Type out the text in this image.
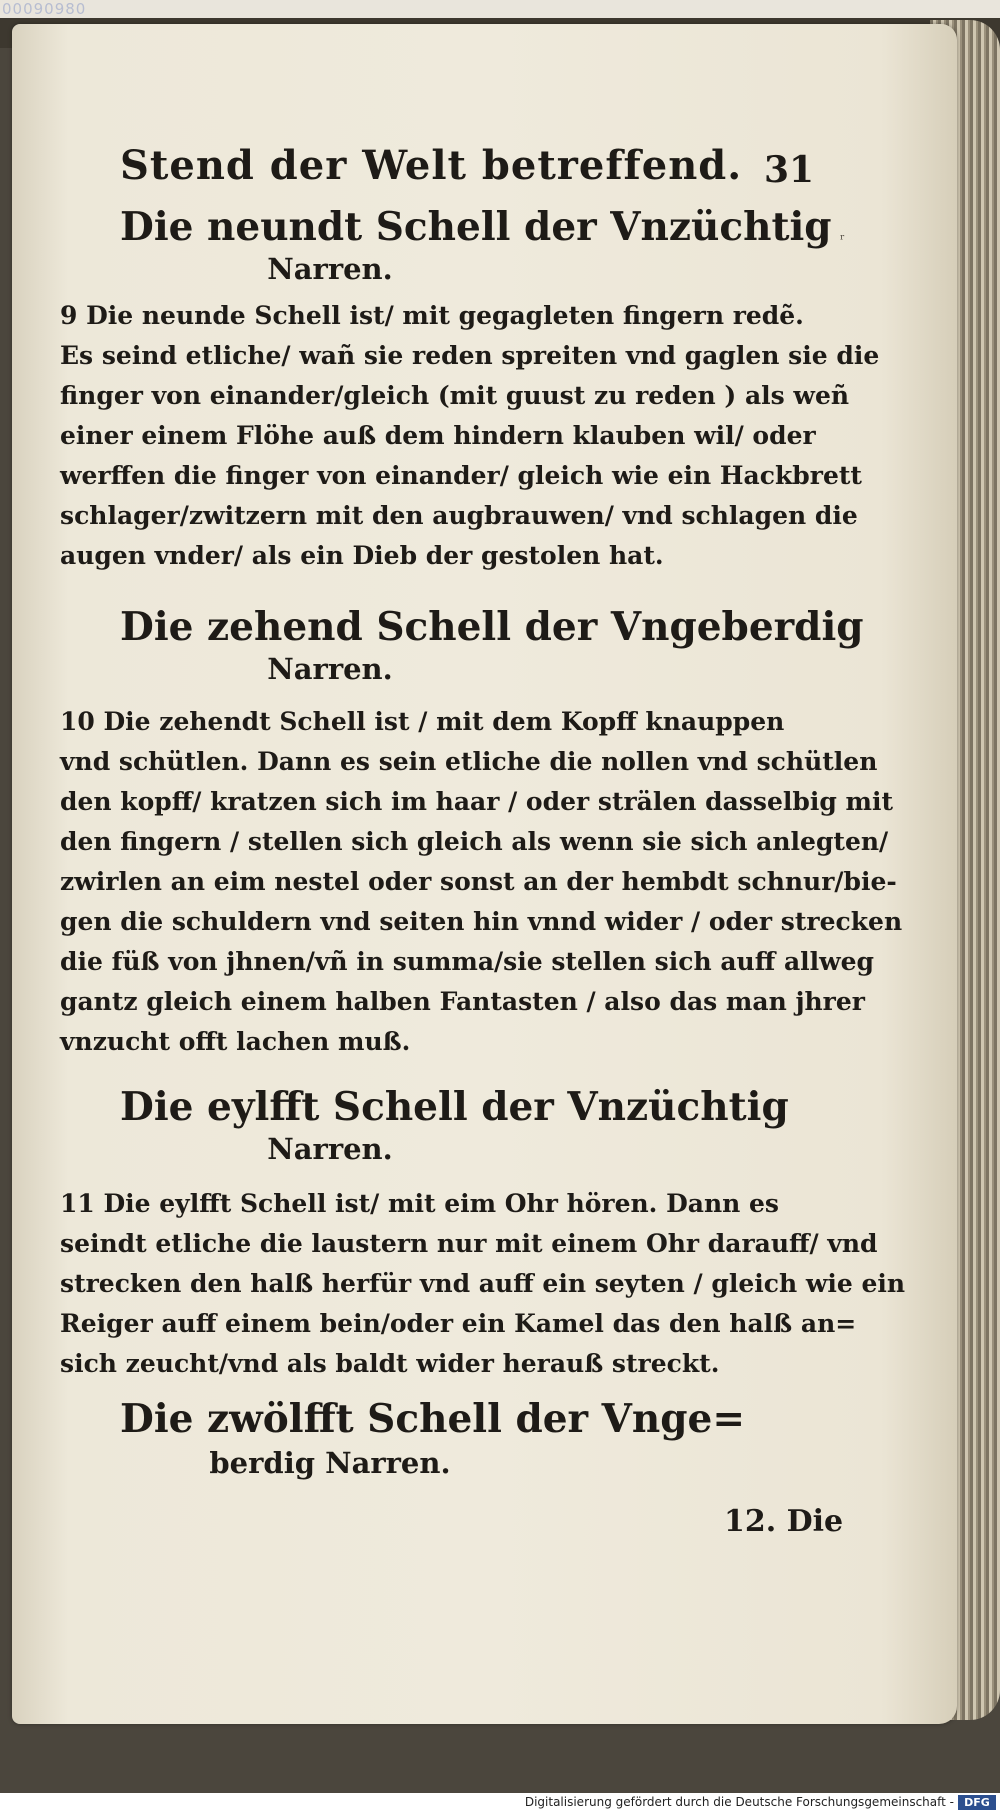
00090980
Stend der Welt betreffend. 31
ʳ
Die neundt Schell der Vnzüchtig
Narren.

9 Die neunde Schell ist/ mit gegagleten fingern redẽ.

Es seind etliche/ wañ sie reden spreiten vnd gaglen sie die

finger von einander/gleich (mit guust zu reden ) als weñ

einer einem Flöhe auß dem hindern klauben wil/ oder

werffen die finger von einander/ gleich wie ein Hackbrett

schlager/zwitzern mit den augbrauwen/ vnd schlagen die

augen vnder/ als ein Dieb der gestolen hat.

Die zehend Schell der Vngeberdig
Narren.

10 Die zehendt Schell ist / mit dem Kopff knauppen

vnd schütlen. Dann es sein etliche die nollen vnd schütlen

den kopff/ kratzen sich im haar / oder strälen dasselbig mit

den fingern / stellen sich gleich als wenn sie sich anlegten/

zwirlen an eim nestel oder sonst an der hembdt schnur/bie-

gen die schuldern vnd seiten hin vnnd wider / oder strecken

die füß von jhnen/vñ in summa/sie stellen sich auff allweg

gantz gleich einem halben Fantasten / also das man jhrer

vnzucht offt lachen muß.

Die eylfft Schell der Vnzüchtig
Narren.

11 Die eylfft Schell ist/ mit eim Ohr hören. Dann es

seindt etliche die laustern nur mit einem Ohr darauff/ vnd

strecken den halß herfür vnd auff ein seyten / gleich wie ein

Reiger auff einem bein/oder ein Kamel das den halß an=

sich zeucht/vnd als baldt wider herauß streckt.

Die zwölfft Schell der Vnge=
berdig Narren.
12. Die
Digitalisierung gefördert durch die Deutsche Forschungsgemeinschaft - DFG
